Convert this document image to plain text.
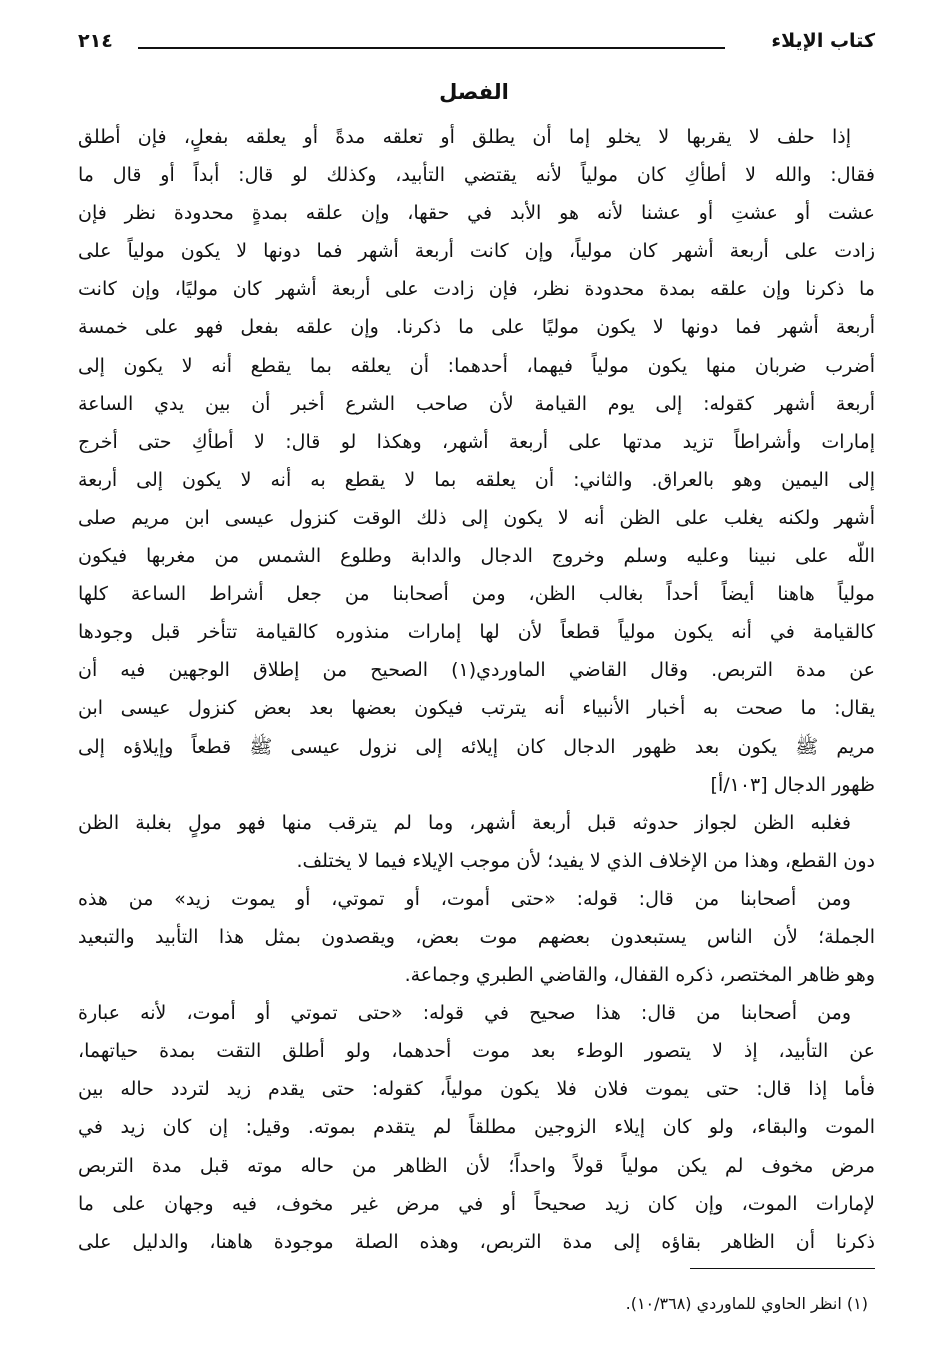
كتاب الإيلاء
٢١٤
الفصل
إذا حلف لا يقربها لا يخلو إما أن يطلق أو تعلقه مدةً أو يعلقه بفعلٍ، فإن أطلق
فقال: والله لا أطأكِ كان مولياً لأنه يقتضي التأبيد، وكذلك لو قال: أبداً أو قال ما
عشت أو عشتِ أو عشنا لأنه هو الأبد في حقها، وإن علقه بمدةٍ محدودة نظر فإن
زادت على أربعة أشهر كان مولياً، وإن كانت أربعة أشهر فما دونها لا يكون مولياً على
ما ذكرنا وإن علقه بمدة محدودة نظر، فإن زادت على أربعة أشهر كان موليًا، وإن كانت
أربعة أشهر فما دونها لا يكون موليًا على ما ذكرنا. وإن علقه بفعل فهو على خمسة
أضرب ضربان منها يكون مولياً فيهما، أحدهما: أن يعلقه بما يقطع أنه لا يكون إلى
أربعة أشهر كقوله: إلى يوم القيامة لأن صاحب الشرع أخبر أن بين يدي الساعة
إمارات وأشراطاً تزيد مدتها على أربعة أشهر، وهكذا لو قال: لا أطأكِ حتى أخرج
إلى اليمين وهو بالعراق. والثاني: أن يعلقه بما لا يقطع به أنه لا يكون إلى أربعة
أشهر ولكنه يغلب على الظن أنه لا يكون إلى ذلك الوقت كنزول عيسى ابن مريم صلى
اللّه على نبينا وعليه وسلم وخروج الدجال والدابة وطلوع الشمس من مغربها فيكون
مولياً هاهنا أيضاً أحداً بغالب الظن، ومن أصحابنا من جعل أشراط الساعة كلها
كالقيامة في أنه يكون مولياً قطعاً لأن لها إمارات منذوره كالقيامة تتأخر قبل وجودها
عن مدة التربص. وقال القاضي الماوردي(١) الصحيح من إطلاق الوجهين فيه أن
يقال: ما صحت به أخبار الأنبياء أنه يترتب فيكون بعضها بعد بعض كنزول عيسى ابن
مريم ﷺ يكون بعد ظهور الدجال كان إيلائه إلى نزول عيسى ﷺ قطعاً وإيلاؤه إلى
ظهور الدجال [١٠٣/أ]
فغلبه الظن لجواز حدوثه قبل أربعة أشهر، وما لم يترقب منها فهو مولٍ بغلبة الظن
دون القطع، وهذا من الإخلاف الذي لا يفيد؛ لأن موجب الإيلاء فيما لا يختلف.
ومن أصحابنا من قال: قوله: «حتى أموت، أو تموتي، أو يموت زيد» من هذه
الجملة؛ لأن الناس يستبعدون بعضهم موت بعض، ويقصدون بمثل هذا التأبيد والتبعيد
وهو ظاهر المختصر، ذكره القفال، والقاضي الطبري وجماعة.
ومن أصحابنا من قال: هذا صحيح في قوله: «حتى تموتي أو أموت، لأنه عبارة
عن التأبيد، إذ لا يتصور الوطء بعد موت أحدهما، ولو أطلق التقت بمدة حياتهما،
فأما إذا قال: حتى يموت فلان فلا يكون مولياً، كقوله: حتى يقدم زيد لتردد حاله بين
الموت والبقاء، ولو كان إيلاء الزوجين مطلقاً لم يتقدم بموته. وقيل: إن كان زيد في
مرض مخوف لم يكن مولياً قولاً واحداً؛ لأن الظاهر من حاله موته قبل مدة التربص
لإمارات الموت، وإن كان زيد صحيحاً أو في مرض غير مخوف، فيه وجهان على ما
ذكرنا أن الظاهر بقاؤه إلى مدة التربص، وهذه الصلة موجودة هاهنا، والدليل على
(١) انظر الحاوي للماوردي (١٠/٣٦٨).
